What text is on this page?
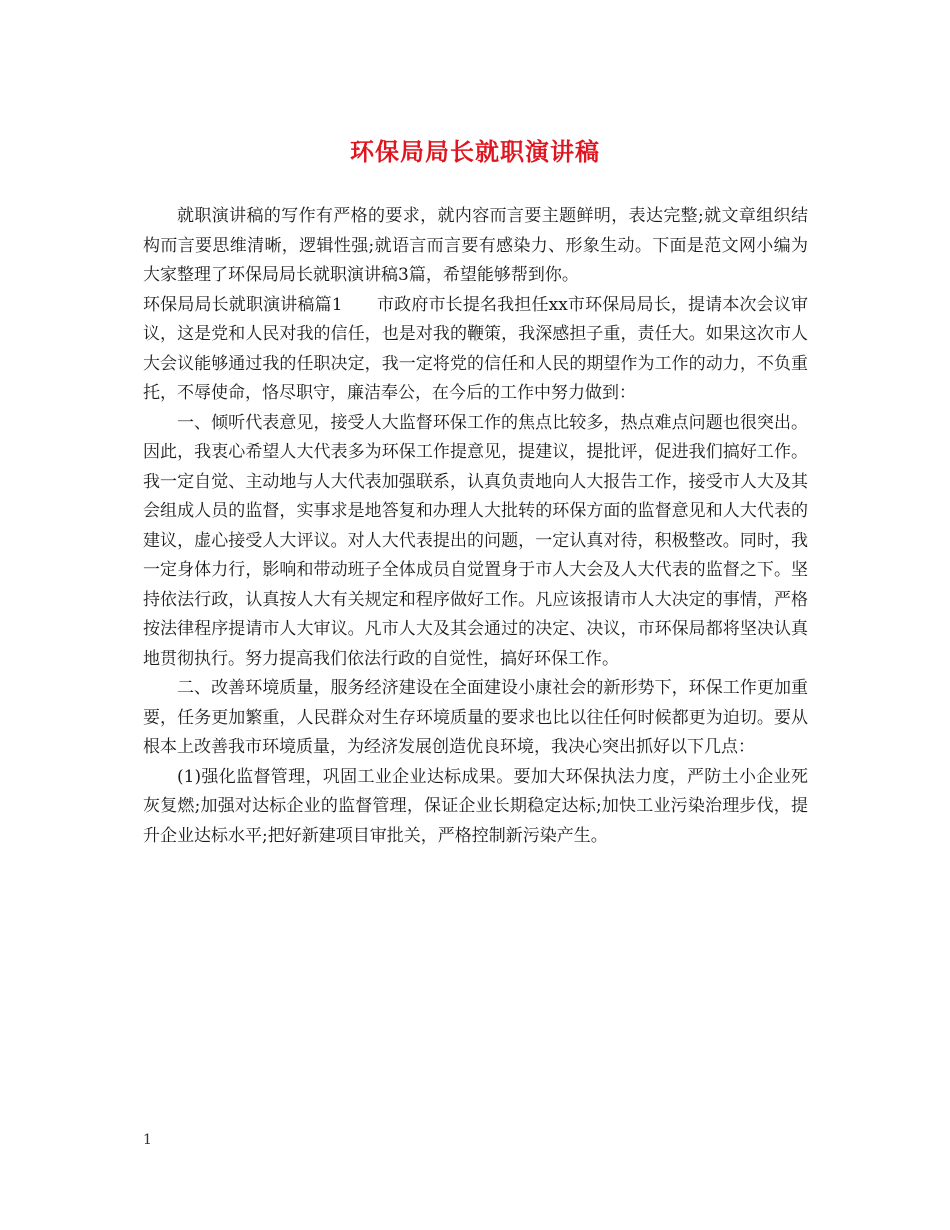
环保局局长就职演讲稿

就职演讲稿的写作有严格的要求，就内容而言要主题鲜明，表达完整;就文章组织结构而言要思维清晰，逻辑性强;就语言而言要有感染力、形象生动。下面是范文网小编为大家整理了环保局局长就职演讲稿3篇，希望能够帮到你。

环保局局长就职演讲稿篇1　　市政府市长提名我担任xx市环保局局长，提请本次会议审议，这是党和人民对我的信任，也是对我的鞭策，我深感担子重，责任大。如果这次市人大会议能够通过我的任职决定，我一定将党的信任和人民的期望作为工作的动力，不负重托，不辱使命，恪尽职守，廉洁奉公，在今后的工作中努力做到：

一、倾听代表意见，接受人大监督环保工作的焦点比较多，热点难点问题也很突出。因此，我衷心希望人大代表多为环保工作提意见，提建议，提批评，促进我们搞好工作。我一定自觉、主动地与人大代表加强联系，认真负责地向人大报告工作，接受市人大及其会组成人员的监督，实事求是地答复和办理人大批转的环保方面的监督意见和人大代表的建议，虚心接受人大评议。对人大代表提出的问题，一定认真对待，积极整改。同时，我一定身体力行，影响和带动班子全体成员自觉置身于市人大会及人大代表的监督之下。坚持依法行政，认真按人大有关规定和程序做好工作。凡应该报请市人大决定的事情，严格按法律程序提请市人大审议。凡市人大及其会通过的决定、决议，市环保局都将坚决认真地贯彻执行。努力提高我们依法行政的自觉性，搞好环保工作。

二、改善环境质量，服务经济建设在全面建设小康社会的新形势下，环保工作更加重要，任务更加繁重，人民群众对生存环境质量的要求也比以往任何时候都更为迫切。要从根本上改善我市环境质量，为经济发展创造优良环境，我决心突出抓好以下几点：

(1)强化监督管理，巩固工业企业达标成果。要加大环保执法力度，严防土小企业死灰复燃;加强对达标企业的监督管理，保证企业长期稳定达标;加快工业污染治理步伐，提升企业达标水平;把好新建项目审批关，严格控制新污染产生。

1
